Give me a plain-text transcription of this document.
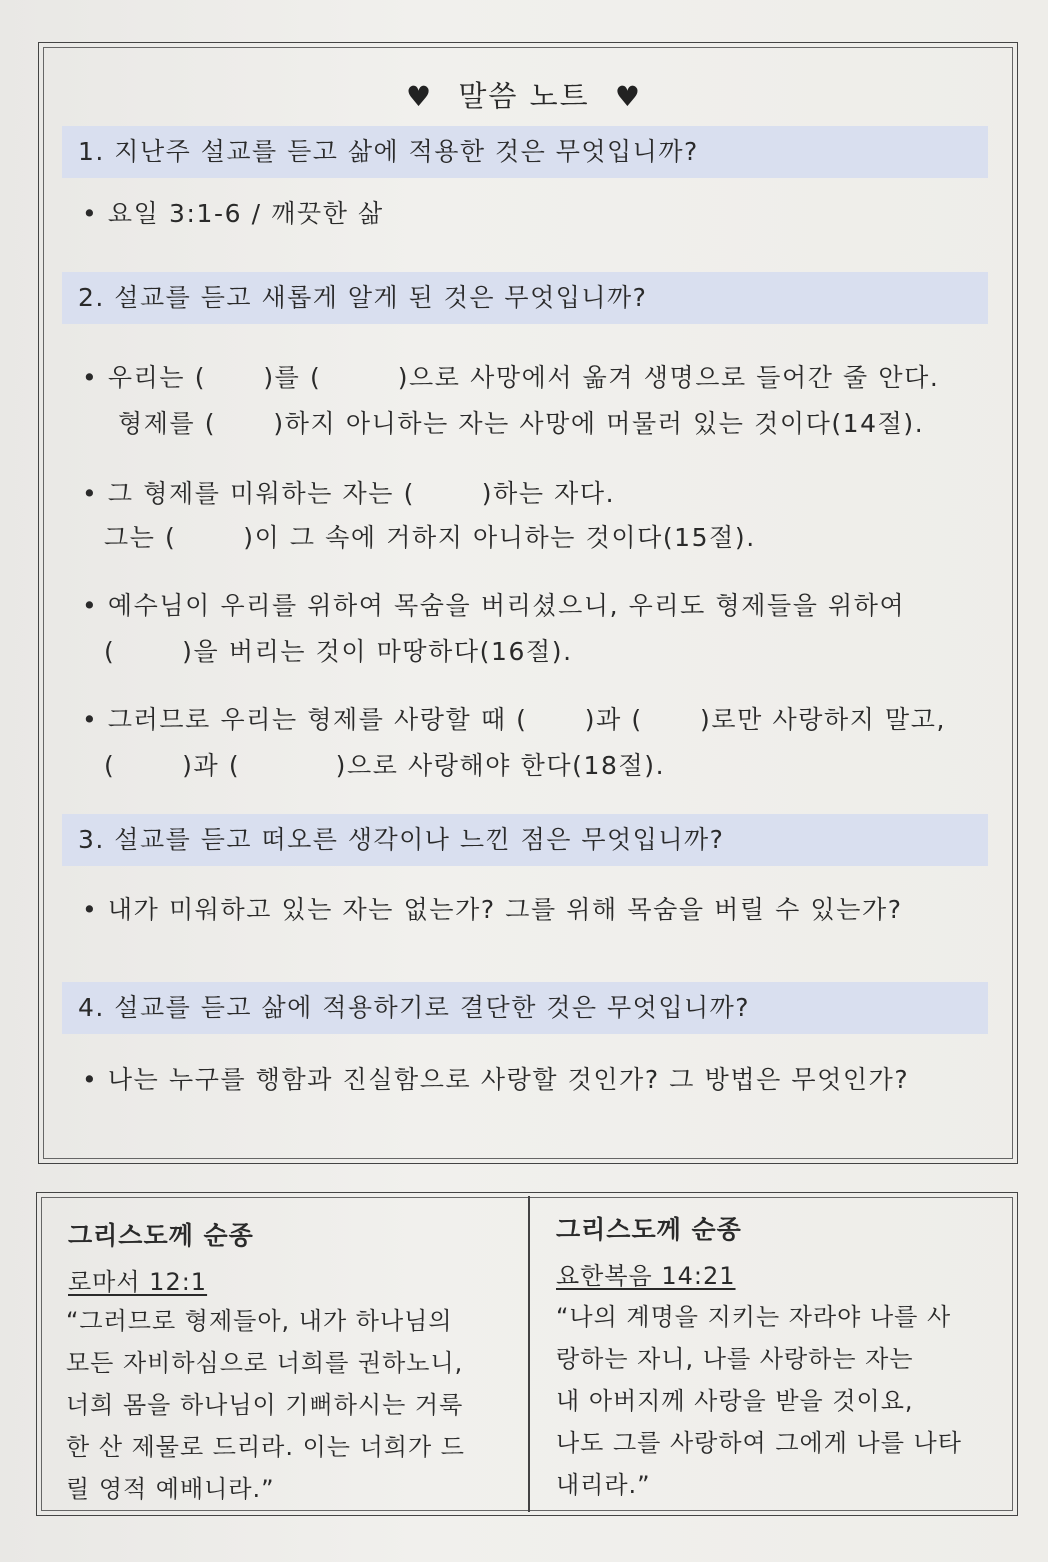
♥ 말씀 노트 ♥
1. 지난주 설교를 듣고 삶에 적용한 것은 무엇입니까?
• 요일 3:1-6 / 깨끗한 삶
2. 설교를 듣고 새롭게 알게 된 것은 무엇입니까?
• 우리는 (      )를 (        )으로 사망에서 옮겨 생명으로 들어간 줄 안다.
형제를 (      )하지 아니하는 자는 사망에 머물러 있는 것이다(14절).
• 그 형제를 미워하는 자는 (       )하는 자다.
그는 (       )이 그 속에 거하지 아니하는 것이다(15절).
• 예수님이 우리를 위하여 목숨을 버리셨으니, 우리도 형제들을 위하여
(       )을 버리는 것이 마땅하다(16절).
• 그러므로 우리는 형제를 사랑할 때 (      )과 (      )로만 사랑하지 말고,
(       )과 (          )으로 사랑해야 한다(18절).
3. 설교를 듣고 떠오른 생각이나 느낀 점은 무엇입니까?
• 내가 미워하고 있는 자는 없는가? 그를 위해 목숨을 버릴 수 있는가?
4. 설교를 듣고 삶에 적용하기로 결단한 것은 무엇입니까?
• 나는 누구를 행함과 진실함으로 사랑할 것인가? 그 방법은 무엇인가?
그리스도께 순종
로마서 12:1
“그러므로 형제들아, 내가 하나님의
모든 자비하심으로 너희를 권하노니,
너희 몸을 하나님이 기뻐하시는 거룩
한 산 제물로 드리라. 이는 너희가 드
릴 영적 예배니라.”
그리스도께 순종
요한복음 14:21
“나의 계명을 지키는 자라야 나를 사
랑하는 자니, 나를 사랑하는 자는
내 아버지께 사랑을 받을 것이요,
나도 그를 사랑하여 그에게 나를 나타
내리라.”
